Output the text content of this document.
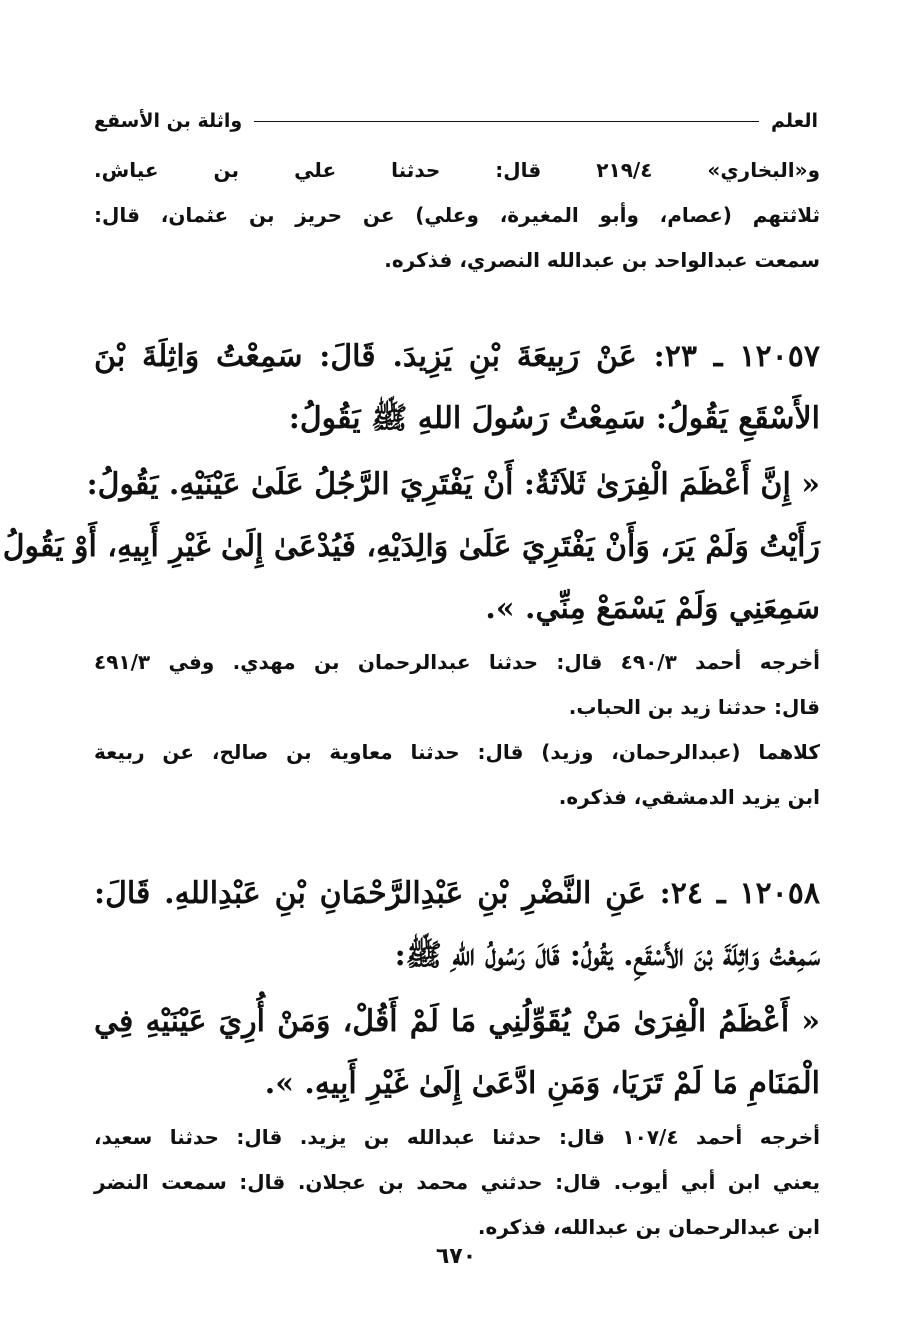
العلم
واثلة بن الأسقع

و«البخاري» ٢١٩/٤ قال: حدثنا علي بن عياش.

ثلاثتهم (عصام، وأبو المغيرة، وعلي) عن حريز بن عثمان، قال:

سمعت عبدالواحد بن عبدالله النصري، فذكره.

١٢٠٥٧ ـ ٢٣: عَنْ رَبِيعَةَ بْنِ يَزِيدَ. قَالَ: سَمِعْتُ وَاثِلَةَ بْنَ

الأَسْقَعِ يَقُولُ: سَمِعْتُ رَسُولَ اللهِ ﷺ يَقُولُ:

« إِنَّ أَعْظَمَ الْفِرَىٰ ثَلاَثَةٌ: أَنْ يَفْتَرِيَ الرَّجُلُ عَلَىٰ عَيْنَيْهِ. يَقُولُ:

رَأَيْتُ وَلَمْ يَرَ، وَأَنْ يَفْتَرِيَ عَلَىٰ وَالِدَيْهِ، فَيُدْعَىٰ إِلَىٰ غَيْرِ أَبِيهِ، أَوْ يَقُولُ

سَمِعَنِي وَلَمْ يَسْمَعْ مِنِّي. ».

أخرجه أحمد ٤٩٠/٣ قال: حدثنا عبدالرحمان بن مهدي. وفي ٤٩١/٣

قال: حدثنا زيد بن الحباب.

كلاهما (عبدالرحمان، وزيد) قال: حدثنا معاوية بن صالح، عن ربيعة

ابن يزيد الدمشقي، فذكره.

١٢٠٥٨ ـ ٢٤: عَنِ النَّضْرِ بْنِ عَبْدِالرَّحْمَانِ بْنِ عَبْدِاللهِ. قَالَ:

سَمِعْتُ وَاثِلَةَ بْنَ الأَسْقَعِ. يَقُولُ: قَالَ رَسُولُ اللهِ ﷺ:

« أَعْظَمُ الْفِرَىٰ مَنْ يُقَوِّلُنِي مَا لَمْ أَقُلْ، وَمَنْ أُرِيَ عَيْنَيْهِ فِي

الْمَنَامِ مَا لَمْ تَرَيَا، وَمَنِ ادَّعَىٰ إِلَىٰ غَيْرِ أَبِيهِ. ».

أخرجه أحمد ١٠٧/٤ قال: حدثنا عبدالله بن يزيد. قال: حدثنا سعيد،

يعني ابن أبي أيوب. قال: حدثني محمد بن عجلان. قال: سمعت النضر

ابن عبدالرحمان بن عبدالله، فذكره.

٦٧٠
